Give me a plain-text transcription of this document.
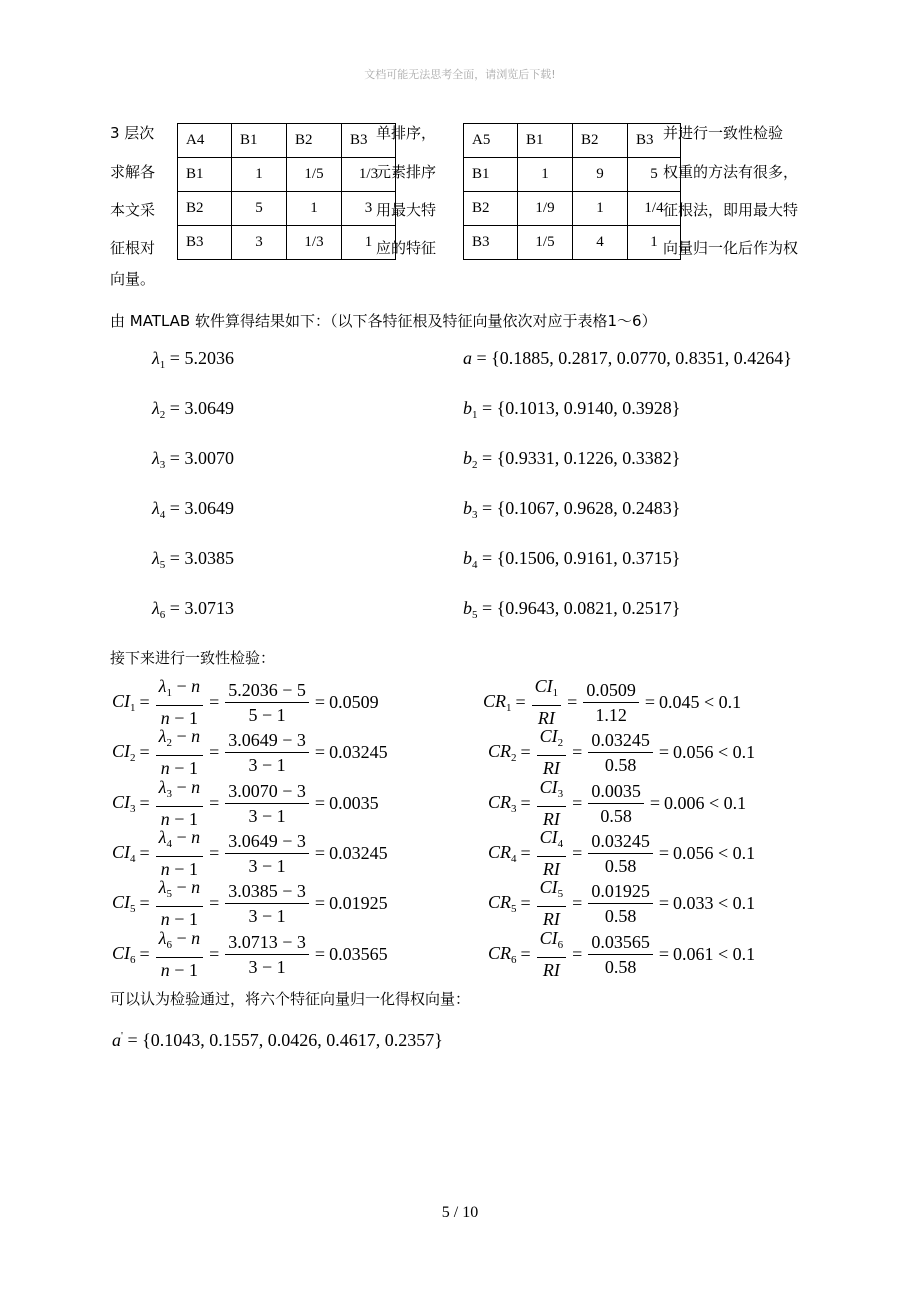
文档可能无法思考全面，请浏览后下载!
3 层次
求解各
本文采
征根对
单排序，
元素排序
用最大特
应的特征
并进行一致性检验
权重的方法有很多，
征根法，即用最大特
向量归一化后作为权
向量。
A4	B1	B2	B3
B1	1	1/5	1/3
B2	5	1	3
B3	3	1/3	1
A5	B1	B2	B3
B1	1	9	5
B2	1/9	1	1/4
B3	1/5	4	1
由 MATLAB 软件算得结果如下：（以下各特征根及特征向量依次对应于表格1～6）
$\lambda_1 = 5.2036$
$\lambda_2 = 3.0649$
$\lambda_3 = 3.0070$
$\lambda_4 = 3.0649$
$\lambda_5 = 3.0385$
$\lambda_6 = 3.0713$
a = {0.1885, 0.2817, 0.0770, 0.8351, 0.4264}
$b_1 = \{0.1013$, 0.9140, 0.3928}
$b_2 = \{0.9331$, 0.1226, 0.3382}
$b_3 = \{0.1067$, 0.9628, 0.2483}
$b_4 = \{0.1506$, 0.9161, 0.3715}
$b_5 = \{0.9643$, 0.0821, 0.2517}
接下来进行一致性检验：
$CI_1 = \frac{\lambda_1 - n}{n - 1} = \frac{5.2036 - 5}{5 - 1} = 0.0509$
$CI_2 = \frac{\lambda_2 - n}{n - 1} = \frac{3.0649 - 3}{3 - 1} = 0.03245$
$CI_3 = \frac{\lambda_3 - n}{n - 1} = \frac{3.0070 - 3}{3 - 1} = 0.0035$
$CI_4 = \frac{\lambda_4 - n}{n - 1} = \frac{3.0649 - 3}{3 - 1} = 0.03245$
$CI_5 = \frac{\lambda_5 - n}{n - 1} = \frac{3.0385 - 3}{3 - 1} = 0.01925$
$CI_6 = \frac{\lambda_6 - n}{n - 1} = \frac{3.0713 - 3}{3 - 1} = 0.03565$
$CR_1 = \frac{CI_1}{RI} = \frac{0.0509}{1.12} = 0.045 < 0.1$
$CR_2 = \frac{CI_2}{RI} = \frac{0.03245}{0.58} = 0.056 < 0.1$
$CR_3 = \frac{CI_3}{RI} = \frac{0.0035}{0.58} = 0.006 < 0.1$
$CR_4 = \frac{CI_4}{RI} = \frac{0.03245}{0.58} = 0.056 < 0.1$
$CR_5 = \frac{CI_5}{RI} = \frac{0.01925}{0.58} = 0.033 < 0.1$
$CR_6 = \frac{CI_6}{RI} = \frac{0.03565}{0.58} = 0.061 < 0.1$
可以认为检验通过，将六个特征向量归一化得权向量：
a' = {0.1043, 0.1557, 0.0426, 0.4617, 0.2357}
5 / 10
